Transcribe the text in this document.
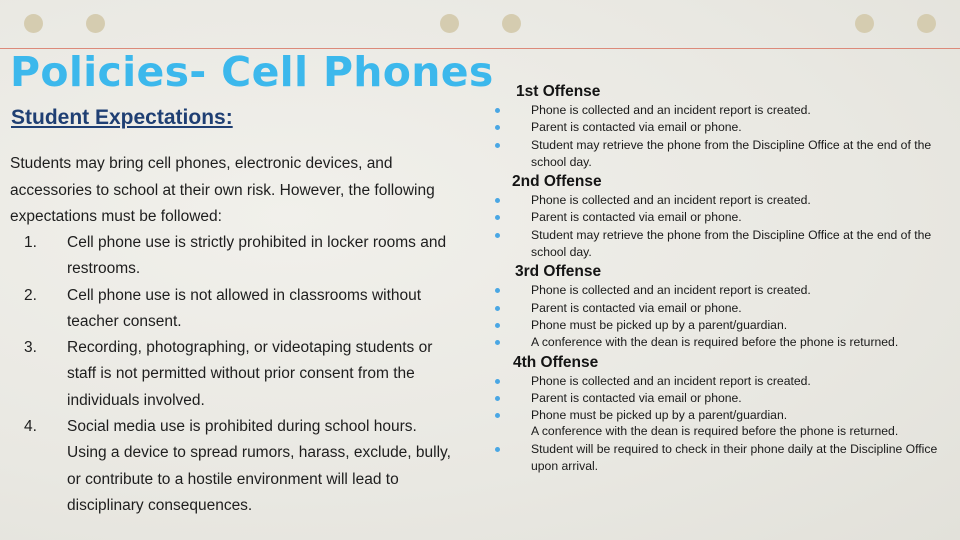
Policies- Cell Phones
Student Expectations:

Students may bring cell phones, electronic devices, and accessories to school at their own risk. However, the following expectations must be followed:

1. Cell phone use is strictly prohibited in locker rooms and restrooms.
2. Cell phone use is not allowed in classrooms without teacher consent.
3. Recording, photographing, or videotaping students or staff is not permitted without prior consent from the individuals involved.
4. Social media use is prohibited during school hours. Using a device to spread rumors, harass, exclude, bully, or contribute to a hostile environment will lead to disciplinary consequences.
1st Offense
Phone is collected and an incident report is created.
Parent is contacted via email or phone.
Student may retrieve the phone from the Discipline Office at the end of the school day.
2nd Offense
Phone is collected and an incident report is created.
Parent is contacted via email or phone.
Student may retrieve the phone from the Discipline Office at the end of the school day.
3rd Offense
Phone is collected and an incident report is created.
Parent is contacted via email or phone.
Phone must be picked up by a parent/guardian.
A conference with the dean is required before the phone is returned.
4th Offense
Phone is collected and an incident report is created.
Parent is contacted via email or phone.
Phone must be picked up by a parent/guardian.
A conference with the dean is required before the phone is returned.
Student will be required to check in their phone daily at the Discipline Office upon arrival.
